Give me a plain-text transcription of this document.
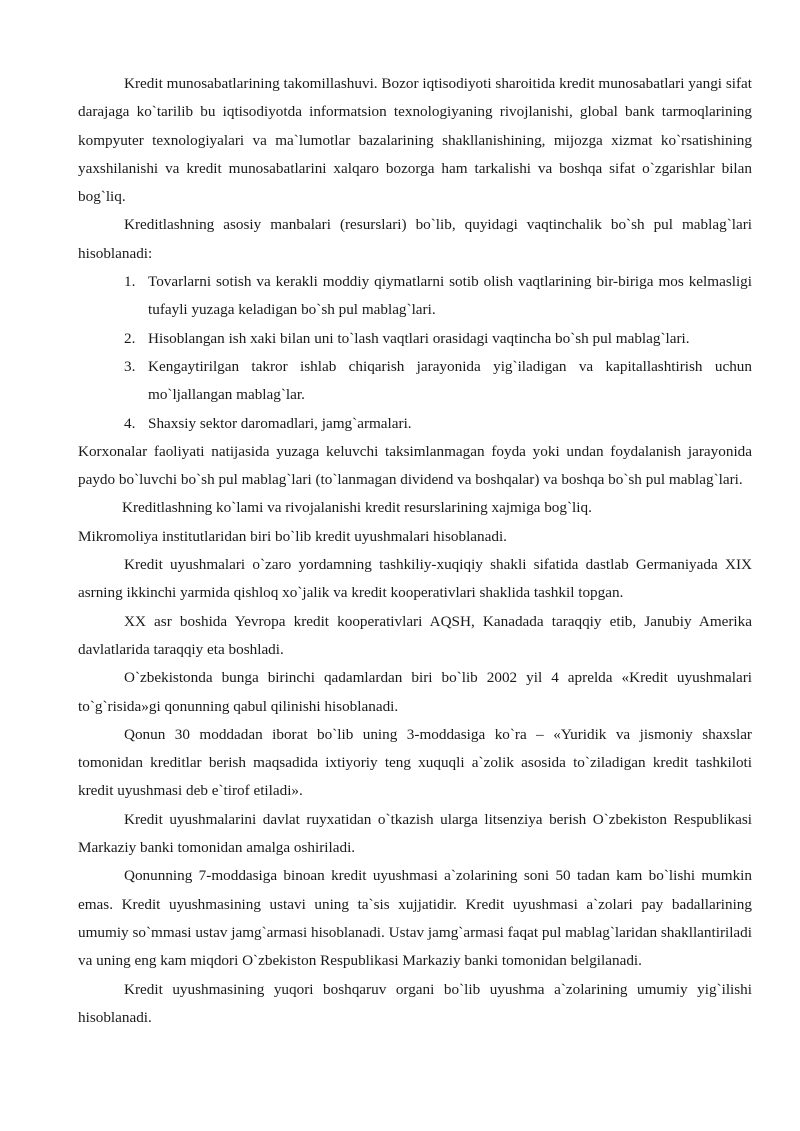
Kredit munosabatlarining takomillashuvi. Bozor iqtisodiyoti sharoitida kredit munosabatlari yangi sifat darajaga ko`tarilib bu iqtisodiyotda informatsion texnologiyaning rivojlanishi, global bank tarmoqlarining kompyuter texnologiyalari va ma`lumotlar bazalarining shakllanishining, mijozga xizmat ko`rsatishining yaxshilanishi va kredit munosabatlarini xalqaro bozorga ham tarkalishi va boshqa sifat o`zgarishlar bilan bog`liq.

Kreditlashning asosiy manbalari (resurslari) bo`lib, quyidagi vaqtinchalik bo`sh pul mablag`lari hisoblanadi:

1. Tovarlarni sotish va kerakli moddiy qiymatlarni sotib olish vaqtlarining bir-biriga mos kelmasligi tufayli yuzaga keladigan bo`sh pul mablag`lari.
2. Hisoblangan ish xaki bilan uni to`lash vaqtlari orasidagi vaqtincha bo`sh pul mablag`lari.
3. Kengaytirilgan takror ishlab chiqarish jarayonida yig`iladigan va kapitallashtirish uchun mo`ljallangan mablag`lar.
4. Shaxsiy sektor daromadlari, jamg`armalari.

Korxonalar faoliyati natijasida yuzaga keluvchi taksimlanmagan foyda yoki undan foydalanish jarayonida paydo bo`luvchi bo`sh pul mablag`lari (to`lanmagan dividend va boshqalar) va boshqa bo`sh pul mablag`lari.

Kreditlashning ko`lami va rivojalanishi kredit resurslarining xajmiga bog`liq.

Mikromoliya institutlaridan biri bo`lib kredit uyushmalari hisoblanadi.

Kredit uyushmalari o`zaro yordamning tashkiliy-xuqiqiy shakli sifatida dastlab Germaniyada XIX asrning ikkinchi yarmida qishloq xo`jalik va kredit kooperativlari shaklida tashkil topgan.

XX asr boshida Yevropa kredit kooperativlari AQSH, Kanadada taraqqiy etib, Janubiy Amerika davlatlarida taraqqiy eta boshladi.

O`zbekistonda bunga birinchi qadamlardan biri bo`lib 2002 yil 4 aprelda «Kredit uyushmalari to`g`risida»gi qonunning qabul qilinishi hisoblanadi.

Qonun 30 moddadan iborat bo`lib uning 3-moddasiga ko`ra – «Yuridik va jismoniy shaxslar tomonidan kreditlar berish maqsadida ixtiyoriy teng xuquqli a`zolik asosida to`ziladigan kredit tashkiloti kredit uyushmasi deb e`tirof etiladi».

Kredit uyushmalarini davlat ruyxatidan o`tkazish ularga litsenziya berish O`zbekiston Respublikasi Markaziy banki tomonidan amalga oshiriladi.

Qonunning 7-moddasiga binoan kredit uyushmasi a`zolarining soni 50 tadan kam bo`lishi mumkin emas. Kredit uyushmasining ustavi uning ta`sis xujjatidir. Kredit uyushmasi a`zolari pay badallarining umumiy so`mmasi ustav jamg`armasi hisoblanadi. Ustav jamg`armasi faqat pul mablag`laridan shakllantiriladi va uning eng kam miqdori O`zbekiston Respublikasi Markaziy banki tomonidan belgilanadi.

Kredit uyushmasining yuqori boshqaruv organi bo`lib uyushma a`zolarining umumiy yig`ilishi hisoblanadi.
